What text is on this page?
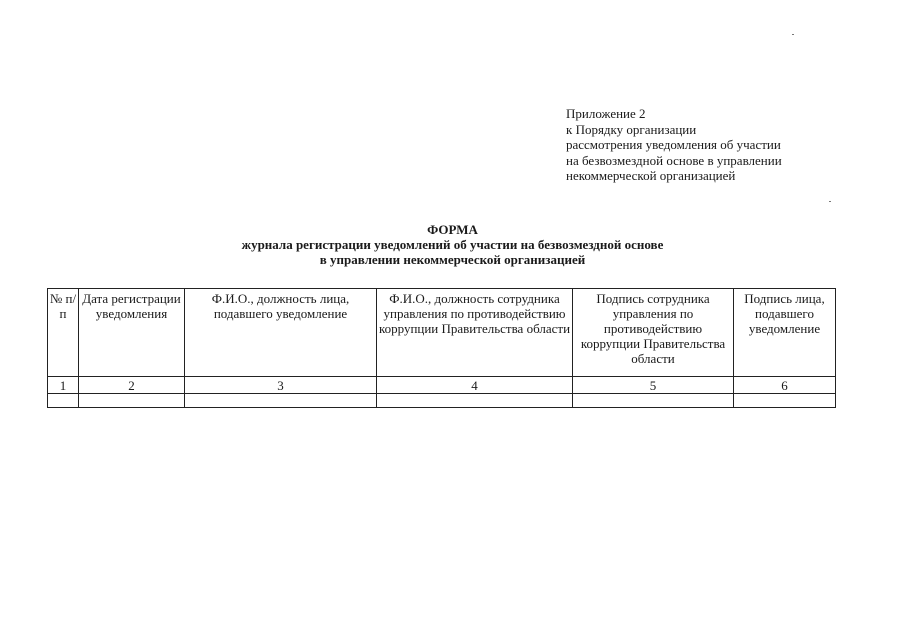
Приложение 2
к Порядку организации
рассмотрения уведомления об участии
на безвозмездной основе в управлении
некоммерческой организацией
ФОРМА
журнала регистрации уведомлений об участии на безвозмездной основе
в управлении некоммерческой организацией
№ п/п	Дата регистрации уведомления	Ф.И.О., должность лица, подавшего уведомление	Ф.И.О., должность сотрудника управления по противодействию коррупции Правительства области	Подпись сотрудника управления по противодействию коррупции Правительства области	Подпись лица, подавшего уведомление

1	2	3	4	5	6
